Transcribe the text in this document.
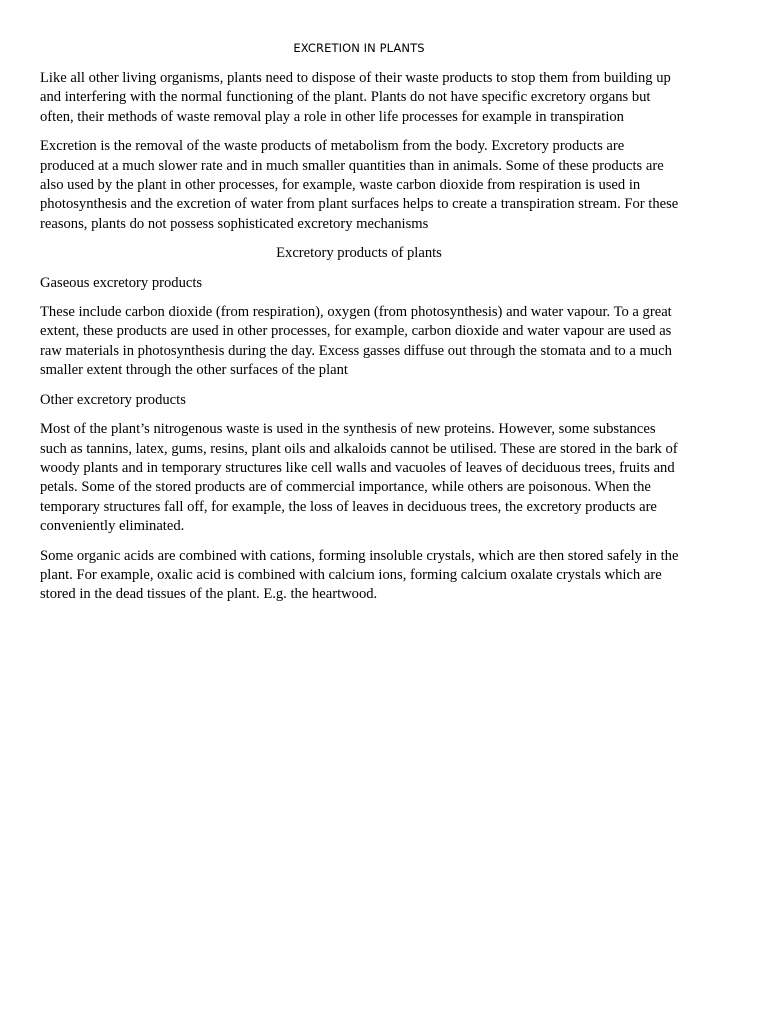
EXCRETION IN PLANTS

Like all other living organisms, plants need to dispose of their waste products to stop them from building up and interfering with the normal functioning of the plant. Plants do not have specific excretory organs but often, their methods of waste removal play a role in other life processes for example in transpiration

Excretion is the removal of the waste products of metabolism from the body. Excretory products are produced at a much slower rate and in much smaller quantities than in animals. Some of these products are also used by the plant in other processes, for example, waste carbon dioxide from respiration is used in photosynthesis and the excretion of water from plant surfaces helps to create a transpiration stream. For these reasons, plants do not possess sophisticated excretory mechanisms

Excretory products of plants
Gaseous excretory products

These include carbon dioxide (from respiration), oxygen (from photosynthesis) and water vapour. To a great extent, these products are used in other processes, for example, carbon dioxide and water vapour are used as raw materials in photosynthesis during the day. Excess gasses diffuse out through the stomata and to a much smaller extent through the other surfaces of the plant

Other excretory products

Most of the plant’s nitrogenous waste is used in the synthesis of new proteins. However, some substances such as tannins, latex, gums, resins, plant oils and alkaloids cannot be utilised. These are stored in the bark of woody plants and in temporary structures like cell walls and vacuoles of leaves of deciduous trees, fruits and petals. Some of the stored products are of commercial importance, while others are poisonous. When the temporary structures fall off, for example, the loss of leaves in deciduous trees, the excretory products are conveniently eliminated.

Some organic acids are combined with cations, forming insoluble crystals, which are then stored safely in the plant. For example, oxalic acid is combined with calcium ions, forming calcium oxalate crystals which are stored in the dead tissues of the plant. E.g. the heartwood.
